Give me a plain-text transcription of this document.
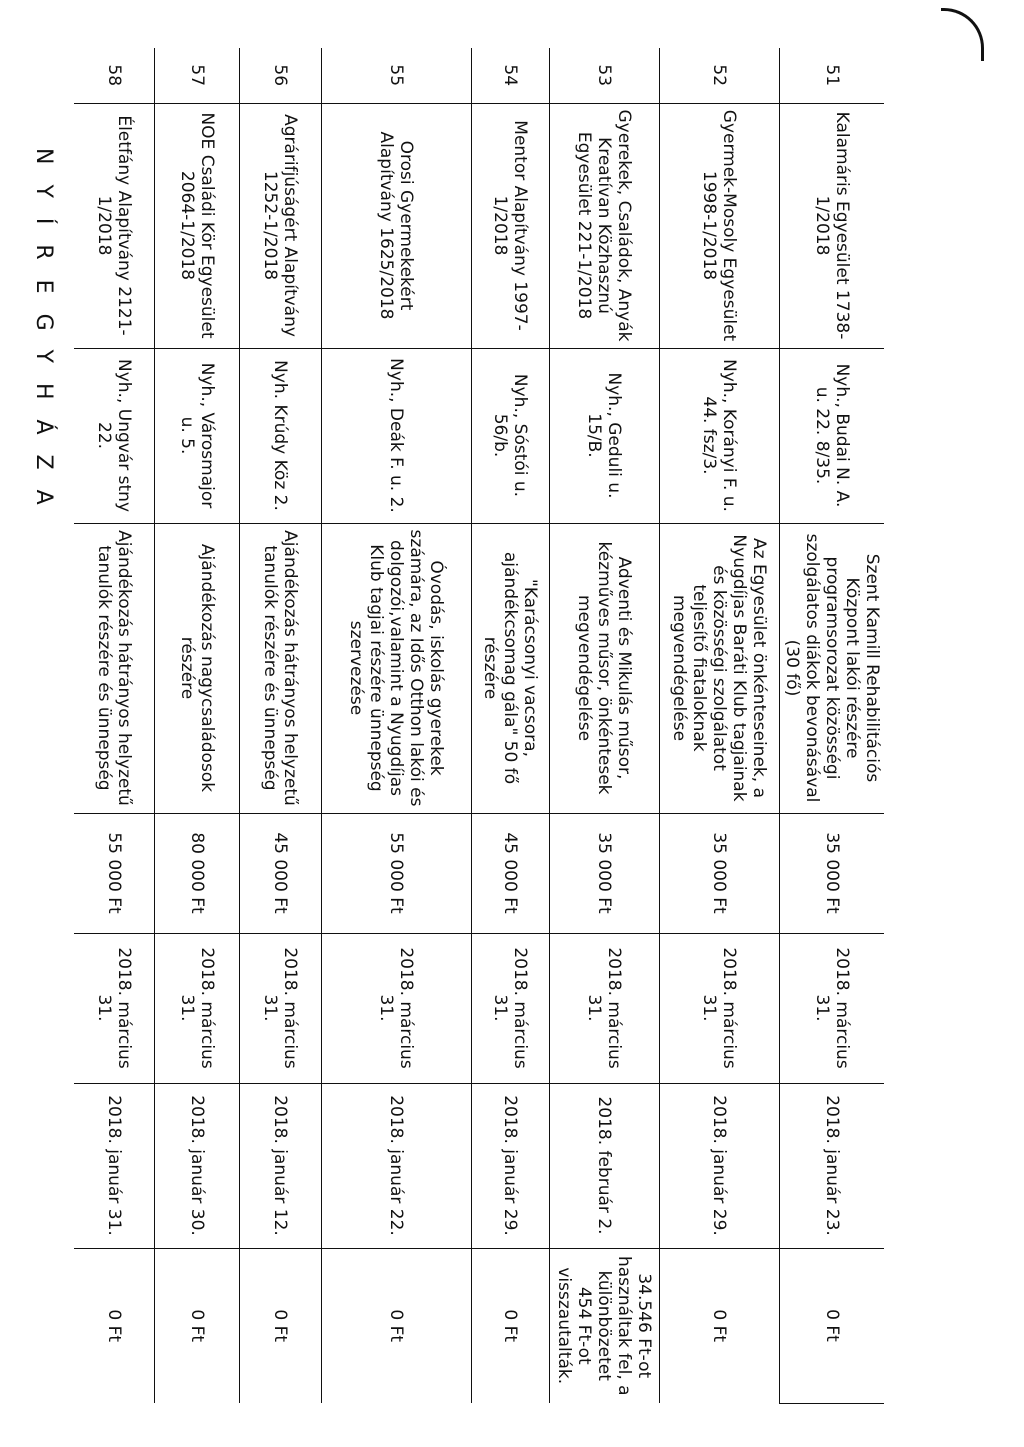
NYÍREGYHÁZA
51	Kalamáris Egyesület 1738-1/2018	Nyh., Budai N. A. u. 22. 8/35.	Szent Kamill Rehabilitációs Központ lakói részére programsorozat közösségi szolgálatos diákok bevonásával (30 fő)	35 000 Ft	2018. március 31.	2018. január 23.	0 Ft
52	Gyermek-Mosoly Egyesület 1998-1/2018	Nyh., Korányi F. u. 44. fsz/3.	Az Egyesület önkénteseinek, a Nyugdíjas Baráti Klub tagjainak és közösségi szolgálatot teljesítő fiataloknak megvendégelése	35 000 Ft	2018. március 31.	2018. január 29.	0 Ft
53	Gyerekek, Családok, Anyák Kreatívan Közhasznú Egyesület 221-1/2018	Nyh., Geduli u. 15/B.	Adventi és Mikulás műsor, kézműves műsor, önkéntesek megvendégelése	35 000 Ft	2018. március 31.	2018. február 2.	34.546 Ft-ot használtak fel, a különbözetet 454 Ft-ot visszautalták.
54	Mentor Alapítvány 1997-1/2018	Nyh., Sóstói u. 56/b.	"Karácsonyi vacsora, ajándékcsomag gála" 50 fő részére	45 000 Ft	2018. március 31.	2018. január 29.	0 Ft
55	Orosi Gyermekekért Alapítvány 1625/2018	Nyh., Deák F. u. 2.	Óvodás, iskolás gyerekek számára, az Idős Otthon lakói és dolgozói,valamint a Nyugdíjas Klub tagjai részére ünnepség szervezése	55 000 Ft	2018. március 31.	2018. január 22.	0 Ft
56	Agrárifjúságért Alapítvány 1252-1/2018	Nyh. Krúdy Köz 2.	Ajándékozás hátrányos helyzetű tanulók részére és ünnepség	45 000 Ft	2018. március 31.	2018. január 12.	0 Ft
57	NOE Családi Kör Egyesület 2064-1/2018	Nyh., Városmajor u. 5.	Ajándékozás nagycsaládosok részére	80 000 Ft	2018. március 31.	2018. január 30.	0 Ft
58	Életfány Alapítvány 2121-1/2018	Nyh., Ungvár stny 22.	Ajándékozás hátrányos helyzetű tanulók részére és ünnepség	55 000 Ft	2018. március 31.	2018. január 31.	0 Ft
